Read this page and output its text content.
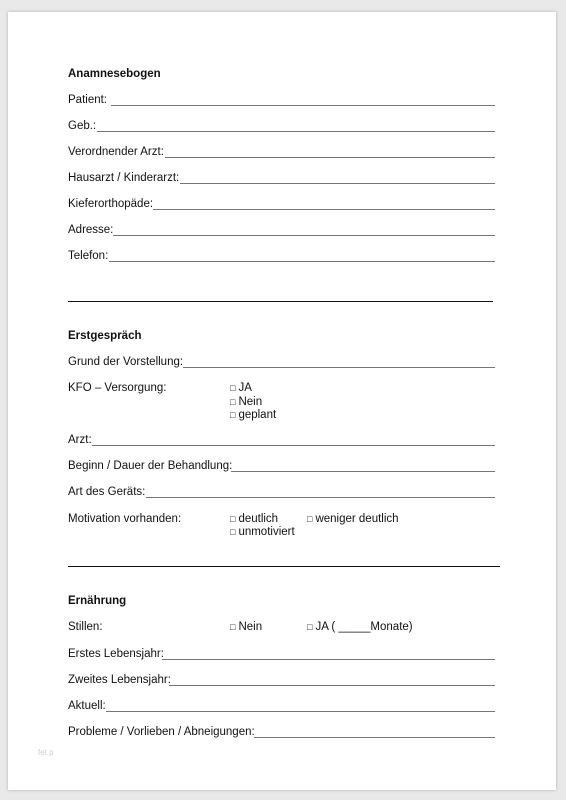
Anamnesebogen
Patient:
Geb.:
Verordnender Arzt:
Hausarzt / Kinderarzt:
Kieferorthopäde:
Adresse:
Telefon:
Erstgespräch
Grund der Vorstellung:
KFO – Versorgung:	□ JA
□ Nein
□ geplant
Arzt:
Beginn / Dauer der Behandlung:
Art des Geräts:
Motivation vorhanden:	□ deutlich	□ weniger deutlich
□ unmotiviert
Ernährung
Stillen:	□ Nein	□ JA ( _____Monate)
Erstes Lebensjahr:
Zweites Lebensjahr:
Aktuell:
Probleme / Vorlieben / Abneigungen:
fet.p
